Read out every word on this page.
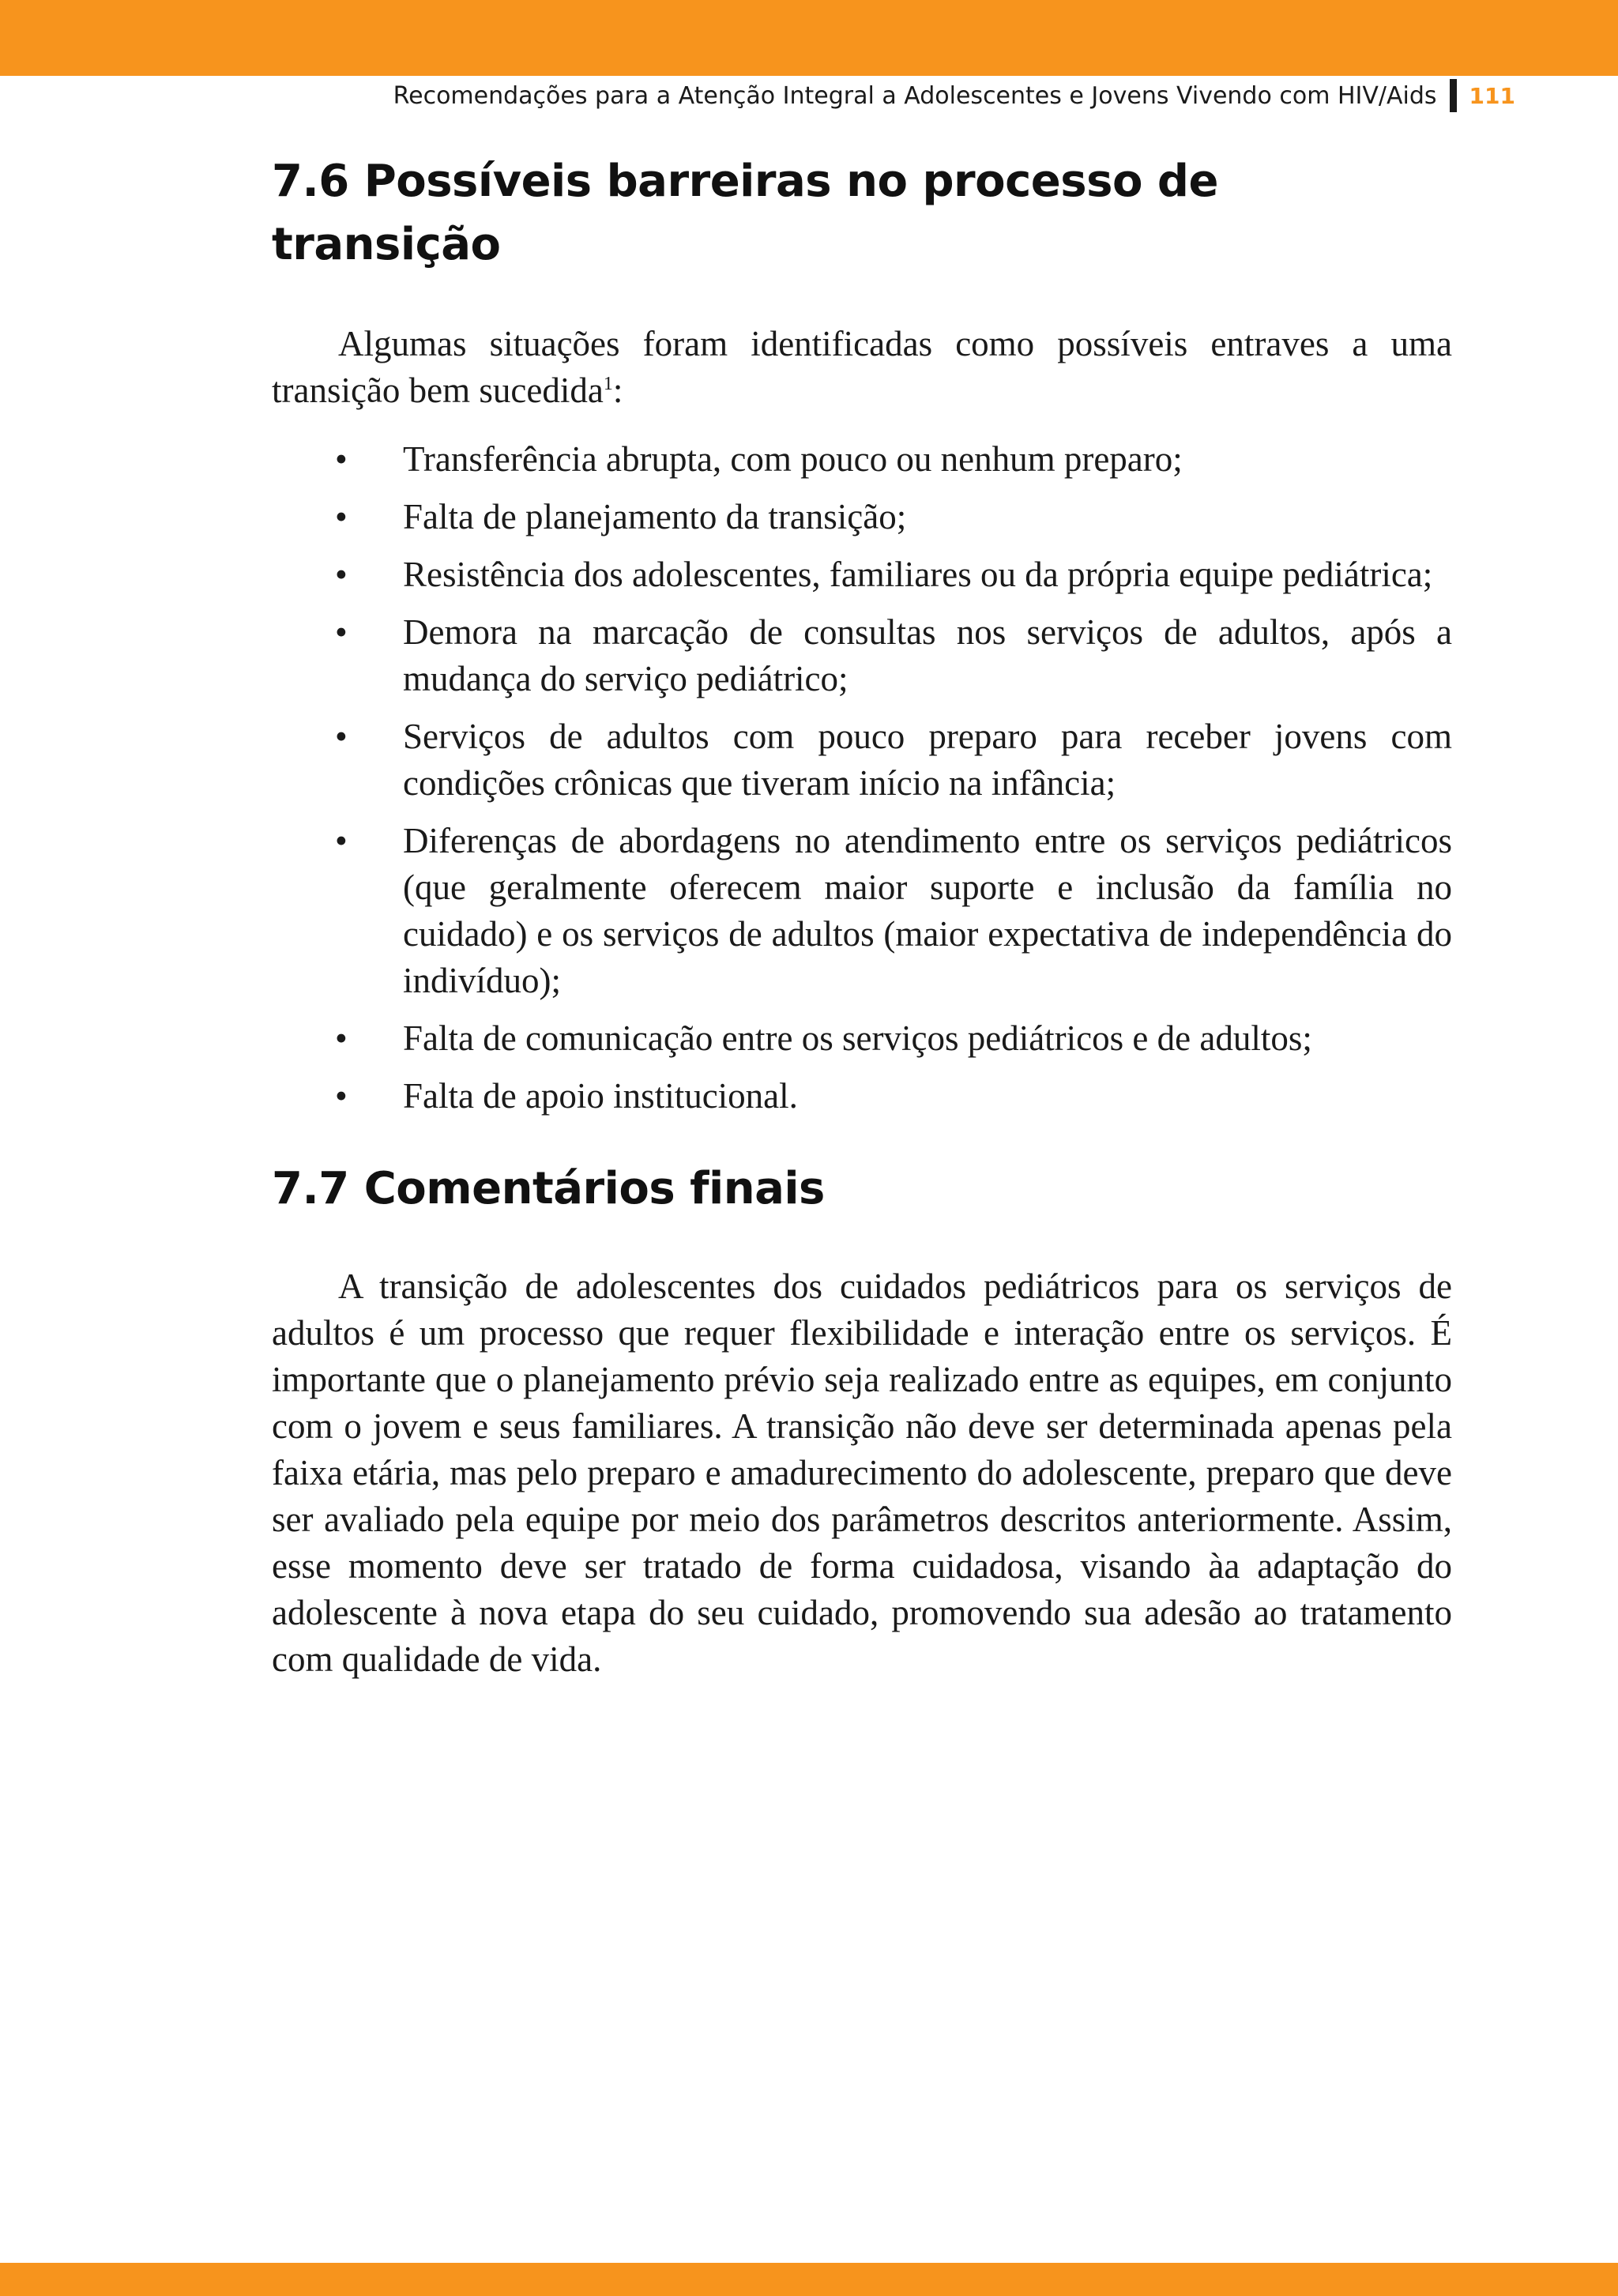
Recomendações para a Atenção Integral a Adolescentes e Jovens Vivendo com HIV/Aids 111
7.6 Possíveis barreiras no processo de transição

Algumas situações foram identificadas como possíveis entraves a uma transição bem sucedida$^1$:

• Transferência abrupta, com pouco ou nenhum preparo;
• Falta de planejamento da transição;
• Resistência dos adolescentes, familiares ou da própria equipe pediátrica;
• Demora na marcação de consultas nos serviços de adultos, após a mudança do serviço pediátrico;
• Serviços de adultos com pouco preparo para receber jovens com condições crônicas que tiveram início na infância;
• Diferenças de abordagens no atendimento entre os serviços pediátricos (que geralmente oferecem maior suporte e inclusão da família no cuidado) e os serviços de adultos (maior expectativa de independência do indivíduo);
• Falta de comunicação entre os serviços pediátricos e de adultos;
• Falta de apoio institucional.
7.7 Comentários finais

A transição de adolescentes dos cuidados pediátricos para os serviços de adultos é um processo que requer flexibilidade e interação entre os serviços. É importante que o planejamento prévio seja realizado entre as equipes, em conjunto com o jovem e seus familiares. A transição não deve ser determinada apenas pela faixa etária, mas pelo preparo e amadurecimento do adolescente, preparo que deve ser avaliado pela equipe por meio dos parâmetros descritos anteriormente. Assim, esse momento deve ser tratado de forma cuidadosa, visando àa adaptação do adolescente à nova etapa do seu cuidado, promovendo sua adesão ao tratamento com qualidade de vida.
